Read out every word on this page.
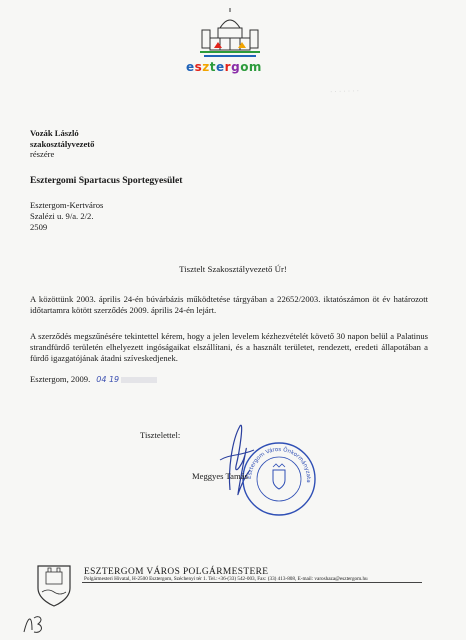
esztergom
. . . . . . .
Vozák László
szakosztályvezető
részére
Esztergomi Spartacus Sportegyesület
Esztergom-Kertváros
Szalézi u. 9/a. 2/2.
2509
Tisztelt Szakosztályvezető Úr!
A közöttünk 2003. április 24-én búvárbázis működtetése tárgyában a 22652/2003. iktatószámon öt év határozott időtartamra kötött szerződés 2009. április 24-én lejárt.
A szerződés megszűnésére tekintettel kérem, hogy a jelen levelem kézhezvételét követő 30 napon belül a Palatinus strandfürdő területén elhelyezett ingóságaikat elszállítani, és a használt területet, rendezett, eredeti állapotában a fürdő igazgatójának átadni szíveskedjenek.
Esztergom, 2009. 04 19
Tisztelettel:
Esztergom Város Önkormányzata
Meggyes Tamás
ESZTERGOM VÁROS POLGÁRMESTERE
Polgármesteri Hivatal, H-2500 Esztergom, Széchenyi tér 1. Tel.:+36-(33) 542-003, Fax: (33) 413-808, E-mail: varoshaza@esztergom.hu
